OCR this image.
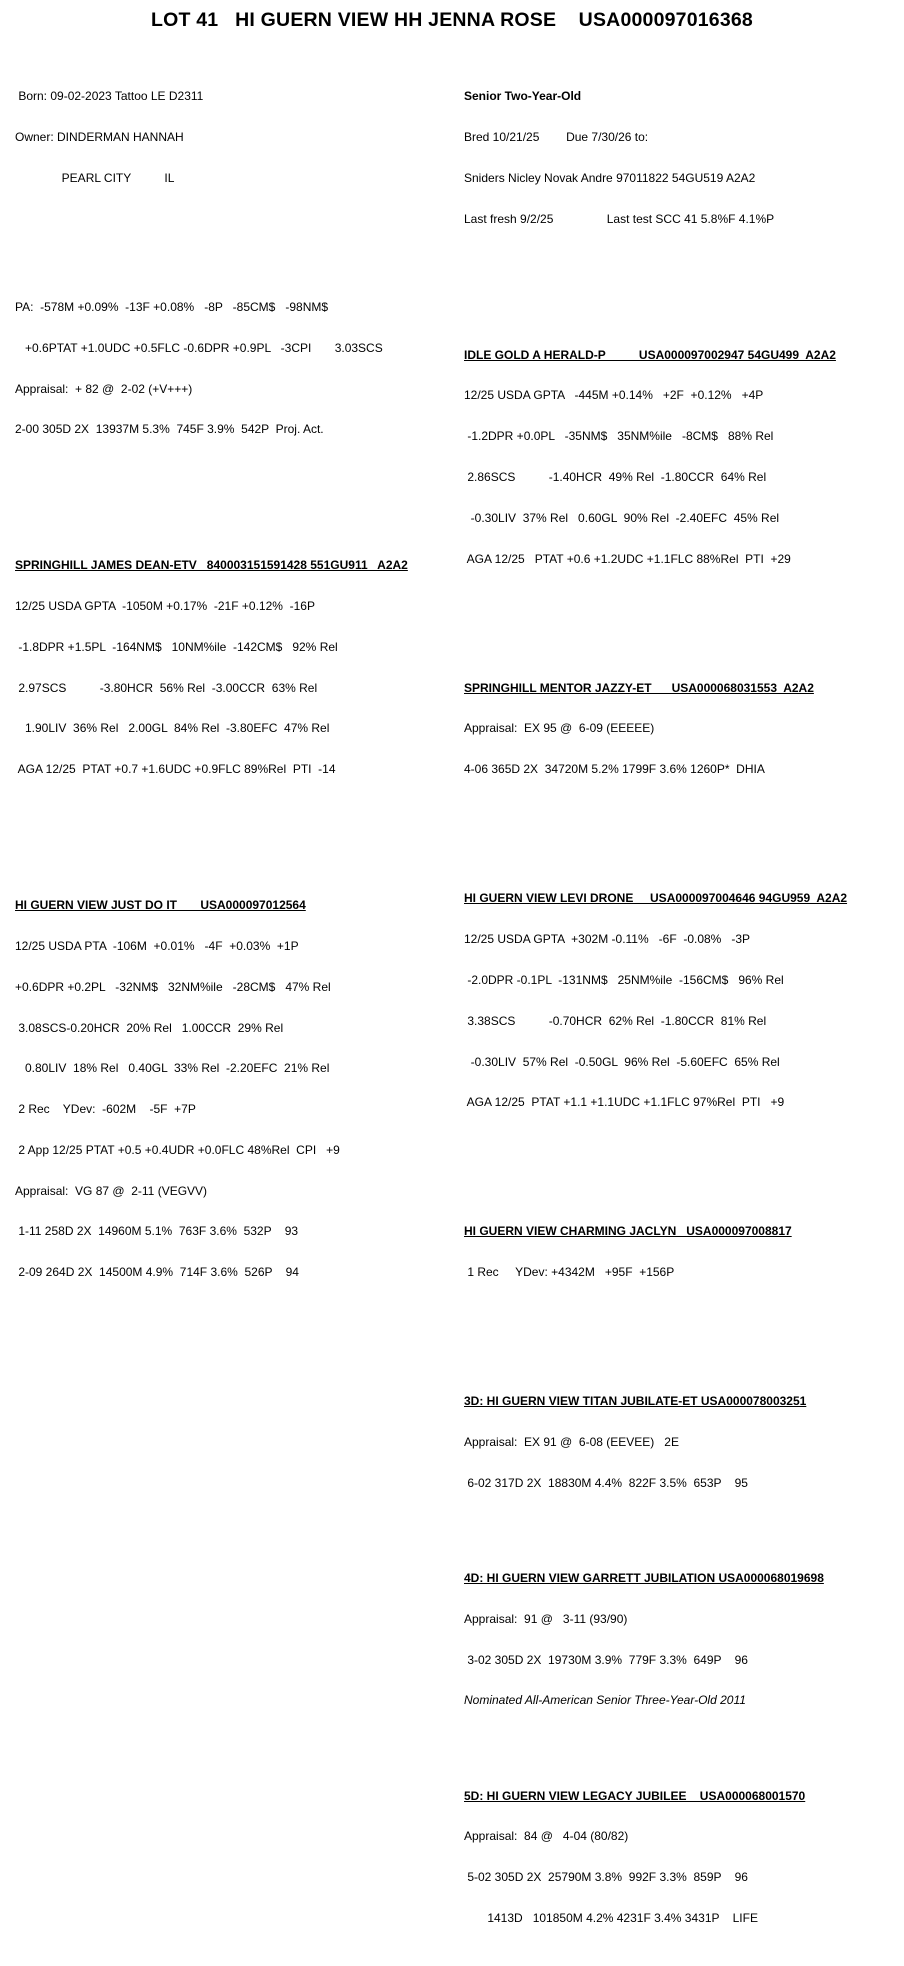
LOT 41   HI GUERN VIEW HH JENNA ROSE    USA000097016368

Born: 09-02-2023 Tattoo LE D2311

Owner: DINDERMAN HANNAH

PEARL CITY          IL

PA:  -578M +0.09%  -13F +0.08%   -8P   -85CM$   -98NM$

+0.6PTAT +1.0UDC +0.5FLC -0.6DPR +0.9PL   -3CPI       3.03SCS

Appraisal:  + 82 @  2-02 (+V+++)

2-00 305D 2X  13937M 5.3%  745F 3.9%  542P  Proj. Act.

SPRINGHILL JAMES DEAN-ETV   840003151591428 551GU911   A2A2

12/25 USDA GPTA  -1050M +0.17%  -21F +0.12%  -16P

-1.8DPR +1.5PL  -164NM$   10NM%ile  -142CM$   92% Rel

2.97SCS          -3.80HCR  56% Rel  -3.00CCR  63% Rel

1.90LIV  36% Rel   2.00GL  84% Rel  -3.80EFC  47% Rel

AGA 12/25  PTAT +0.7 +1.6UDC +0.9FLC 89%Rel  PTI  -14

HI GUERN VIEW JUST DO IT       USA000097012564

12/25 USDA PTA  -106M  +0.01%   -4F  +0.03%  +1P

+0.6DPR +0.2PL   -32NM$   32NM%ile   -28CM$   47% Rel

3.08SCS-0.20HCR  20% Rel   1.00CCR  29% Rel

0.80LIV  18% Rel   0.40GL  33% Rel  -2.20EFC  21% Rel

2 Rec    YDev:  -602M    -5F  +7P

2 App 12/25 PTAT +0.5 +0.4UDR +0.0FLC 48%Rel  CPI   +9

Appraisal:  VG 87 @  2-11 (VEGVV)

1-11 258D 2X  14960M 5.1%  763F 3.6%  532P    93

2-09 264D 2X  14500M 4.9%  714F 3.6%  526P    94

Senior Two-Year-Old

Bred 10/21/25        Due 7/30/26 to:

Sniders Nicley Novak Andre 97011822 54GU519 A2A2

Last fresh 9/2/25                Last test SCC 41 5.8%F 4.1%P

IDLE GOLD A HERALD-P          USA000097002947 54GU499  A2A2

12/25 USDA GPTA   -445M +0.14%   +2F  +0.12%   +4P

-1.2DPR +0.0PL   -35NM$   35NM%ile   -8CM$   88% Rel

2.86SCS          -1.40HCR  49% Rel  -1.80CCR  64% Rel

-0.30LIV  37% Rel   0.60GL  90% Rel  -2.40EFC  45% Rel

AGA 12/25   PTAT +0.6 +1.2UDC +1.1FLC 88%Rel  PTI  +29

SPRINGHILL MENTOR JAZZY-ET      USA000068031553  A2A2

Appraisal:  EX 95 @  6-09 (EEEEE)

4-06 365D 2X  34720M 5.2% 1799F 3.6% 1260P*  DHIA

HI GUERN VIEW LEVI DRONE     USA000097004646 94GU959  A2A2

12/25 USDA GPTA  +302M -0.11%   -6F  -0.08%   -3P

-2.0DPR -0.1PL  -131NM$   25NM%ile  -156CM$   96% Rel

3.38SCS          -0.70HCR  62% Rel  -1.80CCR  81% Rel

-0.30LIV  57% Rel  -0.50GL  96% Rel  -5.60EFC  65% Rel

AGA 12/25  PTAT +1.1 +1.1UDC +1.1FLC 97%Rel  PTI   +9

HI GUERN VIEW CHARMING JACLYN   USA000097008817

1 Rec     YDev: +4342M   +95F  +156P

3D: HI GUERN VIEW TITAN JUBILATE-ET USA000078003251

Appraisal:  EX 91 @  6-08 (EEVEE)   2E

6-02 317D 2X  18830M 4.4%  822F 3.5%  653P    95

4D: HI GUERN VIEW GARRETT JUBILATION USA000068019698

Appraisal:  91 @   3-11 (93/90)

3-02 305D 2X  19730M 3.9%  779F 3.3%  649P    96

Nominated All-American Senior Three-Year-Old 2011

5D: HI GUERN VIEW LEGACY JUBILEE    USA000068001570

Appraisal:  84 @   4-04 (80/82)

5-02 305D 2X  25790M 3.8%  992F 3.3%  859P    96

1413D   101850M 4.2% 4231F 3.4% 3431P    LIFE
